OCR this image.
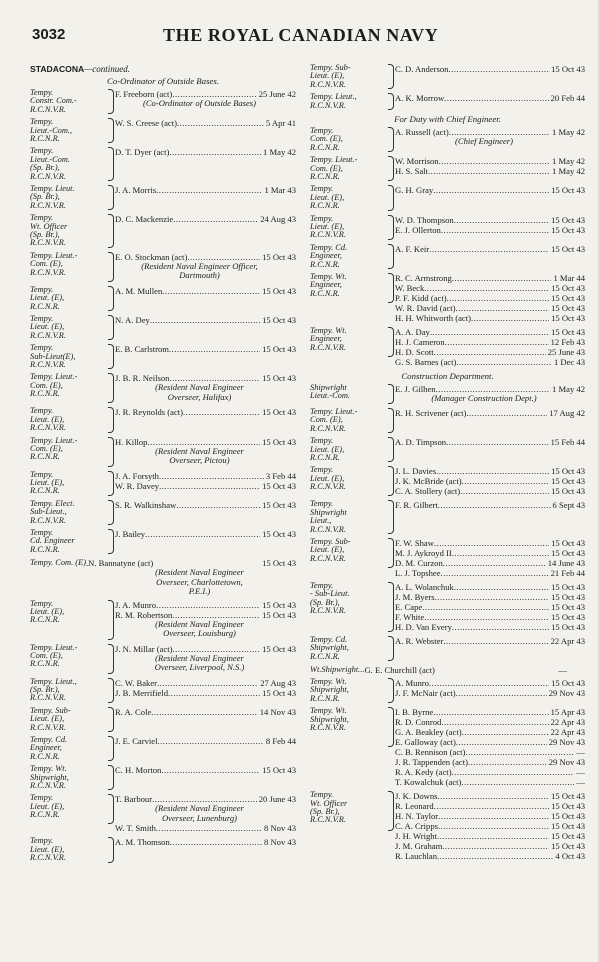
3032	THE ROYAL CANADIAN NAVY
STADACONA—continued.
Co-Ordinator of Outside Bases.
Tempy.
Constr. Com.-
R.C.N.V.R.
F. Freeborn (act) .....	25 June 42
(Co-Ordinator of Outside Bases)
Tempy.
Lieut.-Com.,
R.C.N.R.
W. S. Creese (act) .....	5 Apr 41
Tempy.
Lieut.-Com.
(Sp. Br.),
R.C.N.V.R.
D. T. Dyer (act) .....	1 May 42
Tempy. Lieut.
(Sp. Br.),
R.C.N.V.R.
J. A. Morris .....	1 Mar 43
Tempy.
Wt. Officer
(Sp. Br.),
R.C.N.V.R.
D. C. Mackenzie .....	24 Aug 43
Tempy. Lieut.-
Com. (E),
R.C.N.V.R.
E. O. Stockman (act) .....	15 Oct 43
(Resident Naval Engineer Officer,
Dartmouth)
Tempy.
Lieut. (E),
R.C.N.R.
A. M. Mullen .....	15 Oct 43
Tempy.
Lieut. (E),
R.C.N.V.R.
N. A. Dey .....	15 Oct 43
Tempy.
Sub-Lieut(E),
R.C.N.V.R.
E. B. Carlstrom .....	15 Oct 43
Tempy. Lieut.-
Com. (E),
R.C.N.R.
J. B. R. Neilson .....	15 Oct 43
(Resident Naval Engineer
Overseer, Halifax)
Tempy.
Lieut. (E),
R.C.N.V.R.
J. R. Reynolds (act) .....	15 Oct 43
Tempy. Lieut.-
Com. (E),
R.C.N.R.
H. Killop .....	15 Oct 43
(Resident Naval Engineer
Overseer, Pictou)
Tempy.
Lieut. (E),
R.C.N.R.
J. A. Forsyth .....	3 Feb 44
W. R. Davey .....	15 Oct 43
Tempy. Elect.
Sub-Lieut.,
R.C.N.V.R.
S. R. Walkinshaw .....	15 Oct 43
Tempy.
Cd. Engineer
R.C.N.R.
J. Bailey .....	15 Oct 43
Tempy. Com. (E) .N. Bannatyne (act)	15 Oct 43
(Resident Naval Engineer
Overseer, Charlottetown,
P.E.I.)
Tempy.
Lieut. (E),
R.C.N.R.
J. A. Munro .....	15 Oct 43
R. M. Robertson .....	15 Oct 43
(Resident Naval Engineer
Overseer, Louisburg)
Tempy. Lieut.-
Com. (E),
R.C.N.R.
J. N. Millar (act) .....	15 Oct 43
(Resident Naval Engineer
Overseer, Liverpool, N.S.)
Tempy. Lieut.,
(Sp. Br.),
R.C.N.V.R.
C. W. Baker .....	27 Aug 43
J. B. Merrifield .....	15 Oct 43
Tempy. Sub-
Lieut. (E),
R.C.N.V.R.
R. A. Cole .....	14 Nov 43
Tempy. Cd.
Engineer,
R.C.N.R.
J. E. Carviel .....	8 Feb 44
Tempy. Wt.
Shipwright,
R.C.N.V.R.
C. H. Morton .....	15 Oct 43
Tempy.
Lieut. (E),
R.C.N.R.
T. Barbour .....	20 June 43
(Resident Naval Engineer
Overseer, Lunenburg)
W. T. Smith .....	8 Nov 43
Tempy.
Lieut. (E),
R.C.N.V.R.
A. M. Thomson .....	8 Nov 43
Tempy. Sub-
Lieut. (E),
R.C.N.V.R.
C. D. Anderson .....	15 Oct 43
Tempy. Lieut.,
R.C.N.V.R.
A. K. Morrow .....	20 Feb 44
For Duty with Chief Engineer.
Tempy.
Com. (E),
R.C.N.R.
A. Russell (act) .....	1 May 42
(Chief Engineer)
Tempy. Lieut.-
Com. (E),
R.C.N.R.
W. Morrison .....	1 May 42
H. S. Salt .....	1 May 42
Tempy.
Lieut. (E),
R.C.N.R.
G. H. Gray .....	15 Oct 43
Tempy.
Lieut. (E),
R.C.N.V.R.
W. D. Thompson .....	15 Oct 43
E. J. Ollerton .....	15 Oct 43
Tempy. Cd.
Engineer,
R.C.N.R.
A. F. Keir .....	15 Oct 43
Tempy. Wt.
Engineer,
R.C.N.R.
R. C. Armstrong .....	1 Mar 44
W. Beck .....	15 Oct 43
P. F. Kidd (act) .....	15 Oct 43
W. R. David (act) .....	15 Oct 43
H. H. Whitworth (act) .....	15 Oct 43
Tempy. Wt.
Engineer,
R.C.N.V.R.
A. A. Day .....	15 Oct 43
H. J. Cameron .....	12 Feb 43
H. D. Scott .....	25 June 43
G. S. Barnes (act) .....	1 Dec 43
Construction Department.
Shipwright
Lieut.-Com.
E. J. Gilhen .....	1 May 42
(Manager Construction Dept.)
Tempy. Lieut.-
Com. (E),
R.C.N.V.R.
R. H. Scrivener (act) .....	17 Aug 42
Tempy.
Lieut. (E),
R.C.N.R.
A. D. Timpson .....	15 Feb 44
Tempy.
Lieut. (E),
R.C.N.V.R.
J. L. Davies .....	15 Oct 43
J. K. McBride (act) .....	15 Oct 43
C. A. Stollery (act) .....	15 Oct 43
Tempy.
Shipwright
Lieut.,
R.C.N.V.R.
F. R. Gilbert .....	6 Sept 43
Tempy. Sub-
Lieut. (E),
R.C.N.V.R.
F. W. Shaw .....	15 Oct 43
M. J. Aykroyd II .....	15 Oct 43
D. M. Curzon .....	14 June 43
L. J. Topshee .....	21 Feb 44
Tempy.
- Sub-Lieut.
(Sp. Br.),
R.C.N.V.R.
A. L. Wolanchuk .....	15 Oct 43
J. M. Byers .....	15 Oct 43
E. Cape .....	15 Oct 43
F. White .....	15 Oct 43
H. D. Van Every .....	15 Oct 43
Tempy. Cd.
Shipwright,
R.C.N.R.
A. R. Webster .....	22 Apr 43
Wt.Shipwright... G. E. Churchill (act)	—
Tempy. Wt.
Shipwright,
R.C.N.R.
A. Munro .....	15 Oct 43
J. F. McNair (act) .....	29 Nov 43
Tempy. Wt.
Shipwright,
R.C.N.V.R.
I. B. Byrne .....	15 Apr 43
R. D. Conrod .....	22 Apr 43
G. A. Beakley (act) .....	22 Apr 43
E. Galloway (act) .....	29 Nov 43
C. B. Rennison (act) .....	—
J. R. Tappenden (act) .....	29 Nov 43
R. A. Kedy (act) .....	—
T. Kowalchuk (act) .....	—
Tempy.
Wt. Officer
(Sp. Br.),
R.C.N.V.R.
J. K. Downs .....	15 Oct 43
R. Leonard .....	15 Oct 43
H. N. Taylor .....	15 Oct 43
C. A. Cripps .....	15 Oct 43
J. H. Wright .....	15 Oct 43
J. M. Graham .....	15 Oct 43
R. Lauchlan .....	4 Oct 43
